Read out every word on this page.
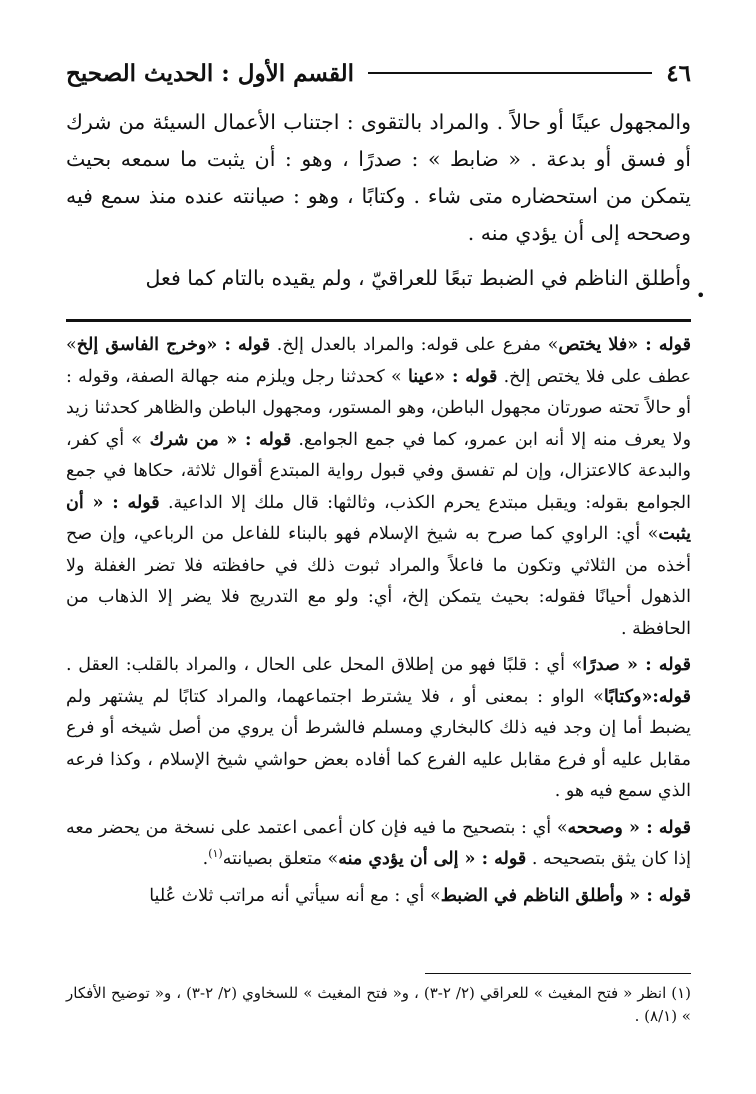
٤٦
القسم الأول : الحديث الصحيح

والمجهول عينًا أو حالاً . والمراد بالتقوى : اجتناب الأعمال السيئة من شرك أو فسق أو بدعة . « ضابط » : صدرًا ، وهو : أن يثبت ما سمعه بحيث يتمكن من استحضاره متى شاء . وكتابًا ، وهو : صيانته عنده منذ سمع فيه وصححه إلى أن يؤدي منه .

وأطلق الناظم في الضبط تبعًا للعراقيّ ، ولم يقيده بالتام كما فعل

•

قوله : «فلا يختص» مفرع على قوله: والمراد بالعدل إلخ. قوله : «وخرج الفاسق إلخ» عطف على فلا يختص إلخ. قوله : «عينا » كحدثنا رجل ويلزم منه جهالة الصفة، وقوله : أو حالاً تحته صورتان مجهول الباطن، وهو المستور، ومجهول الباطن والظاهر كحدثنا زيد ولا يعرف منه إلا أنه ابن عمرو، كما في جمع الجوامع. قوله : « من شرك » أي كفر، والبدعة كالاعتزال، وإن لم تفسق وفي قبول رواية المبتدع أقوال ثلاثة، حكاها في جمع الجوامع بقوله: ويقبل مبتدع يحرم الكذب، وثالثها: قال ملك إلا الداعية. قوله : « أن يثبت» أي: الراوي كما صرح به شيخ الإسلام فهو بالبناء للفاعل من الرباعي، وإن صح أخذه من الثلاثي وتكون ما فاعلاً والمراد ثبوت ذلك في حافظته فلا تضر الغفلة ولا الذهول أحيانًا فقوله: بحيث يتمكن إلخ، أي: ولو مع التدريج فلا يضر إلا الذهاب من الحافظة .

قوله : « صدرًا» أي : قلبًا فهو من إطلاق المحل على الحال ، والمراد بالقلب: العقل . قوله:«وكتابًا» الواو : بمعنى أو ، فلا يشترط اجتماعهما، والمراد كتابًا لم يشتهر ولم يضبط أما إن وجد فيه ذلك كالبخاري ومسلم فالشرط أن يروي من أصل شيخه أو فرع مقابل عليه أو فرع مقابل عليه الفرع كما أفاده بعض حواشي شيخ الإسلام ، وكذا فرعه الذي سمع فيه هو .

قوله : « وصححه» أي : بتصحيح ما فيه فإن كان أعمى اعتمد على نسخة من يحضر معه إذا كان يثق بتصحيحه . قوله : « إلى أن يؤدي منه» متعلق بصيانته$^{(١)}$.

قوله : « وأطلق الناظم في الضبط» أي : مع أنه سيأتي أنه مراتب ثلاث عُليا

(١) انظر « فتح المغيث » للعراقي (٢/ ٢-٣) ، و« فتح المغيث » للسخاوي (٢/ ٢-٣) ، و« توضيح الأفكار » (٨/١) .
